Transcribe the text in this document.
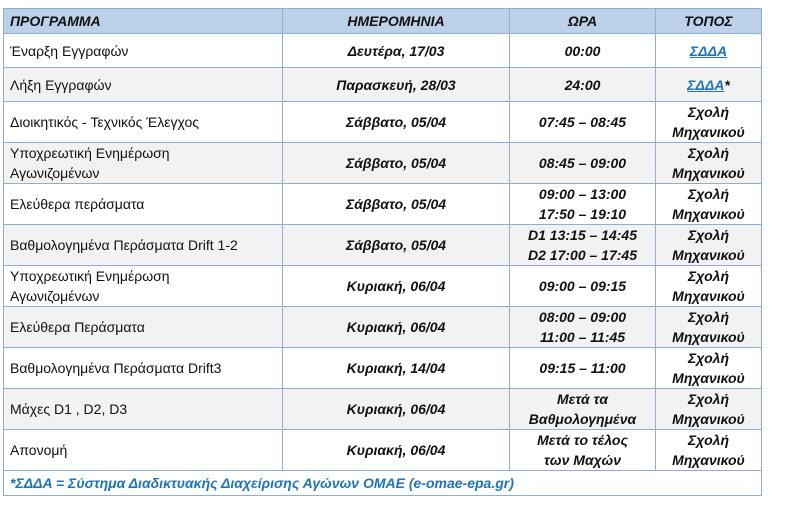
ΠΡΟΓΡΑΜΜΑ	ΗΜΕΡΟΜΗΝΙΑ	ΩΡΑ	ΤΟΠΟΣ

Έναρξη Εγγραφών	Δευτέρα, 17/03	00:00	ΣΔΔΑ

Λήξη Εγγραφών	Παρασκευή, 28/03	24:00	ΣΔΔΑ*

Διοικητικός - Τεχνικός Έλεγχος	Σάββατο, 05/04	07:45 – 08:45	Σχολή
Μηχανικού

Υποχρεωτική Ενημέρωση
Αγωνιζομένων	Σάββατο, 05/04	08:45 – 09:00	Σχολή
Μηχανικού

Ελεύθερα περάσματα	Σάββατο, 05/04	09:00 – 13:00
17:50 – 19:10	Σχολή
Μηχανικού

Βαθμολογημένα Περάσματα Drift 1-2	Σάββατο, 05/04	D1 13:15 – 14:45
D2 17:00 – 17:45	Σχολή
Μηχανικού

Υποχρεωτική Ενημέρωση
Αγωνιζομένων	Κυριακή, 06/04	09:00 – 09:15	Σχολή
Μηχανικού

Ελεύθερα Περάσματα	Κυριακή, 06/04	08:00 – 09:00
11:00 – 11:45	Σχολή
Μηχανικού

Βαθμολογημένα Περάσματα Drift3	Κυριακή, 14/04	09:15 – 11:00	Σχολή
Μηχανικού

Μάχες D1 , D2, D3	Κυριακή, 06/04	Μετά τα
Βαθμολογημένα	Σχολή
Μηχανικού

Απονομή	Κυριακή, 06/04	Μετά το τέλος
των Μαχών	Σχολή
Μηχανικού

*ΣΔΔΑ = Σύστημα Διαδικτυακής Διαχείρισης Αγώνων ΟΜΑΕ (e-omae-epa.gr)			
